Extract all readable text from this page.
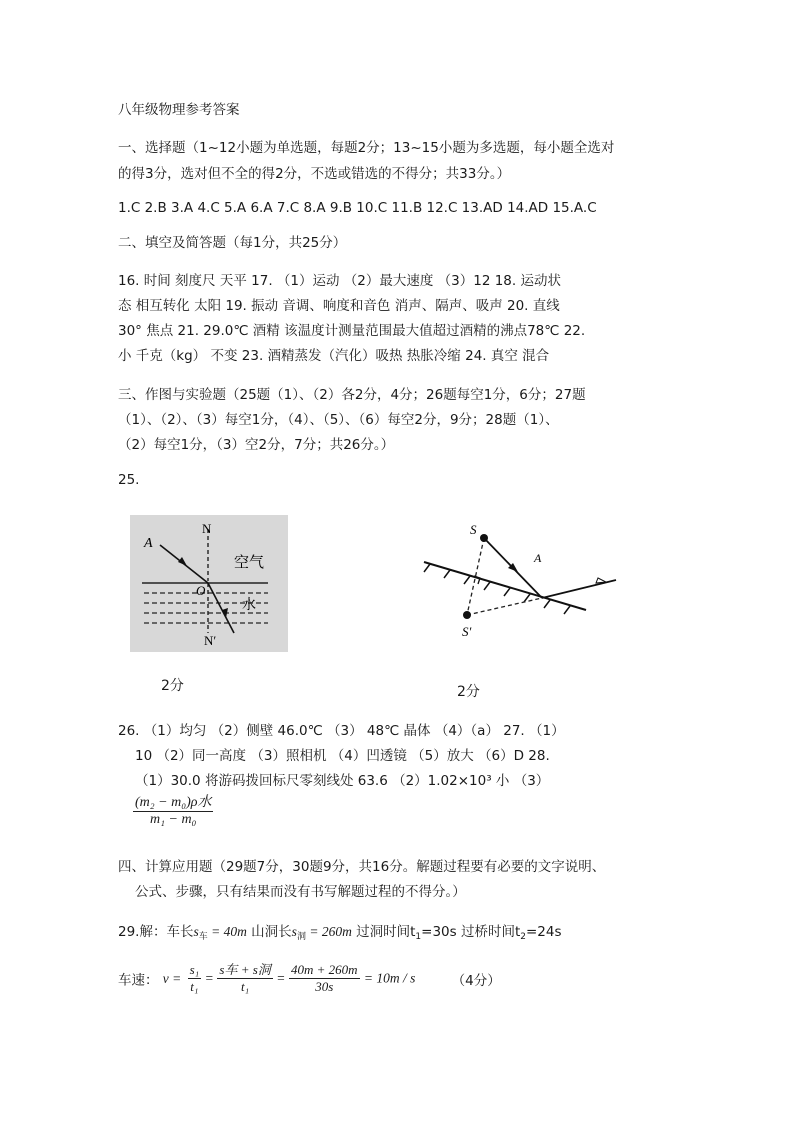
八年级物理参考答案
一、选择题（1~12小题为单选题，每题2分；13~15小题为多选题，每小题全选对
的得3分，选对但不全的得2分，不选或错选的不得分；共33分。）
1.C 2.B 3.A 4.C 5.A 6.A 7.C 8.A 9.B 10.C 11.B 12.C 13.AD 14.AD 15.A.C
二、填空及简答题（每1分，共25分）
16. 时间 刻度尺 天平 17. （1）运动 （2）最大速度 （3）12 18. 运动状
态 相互转化 太阳 19. 振动 音调、响度和音色 消声、隔声、吸声 20. 直线
30° 焦点 21. 29.0℃ 酒精 该温度计测量范围最大值超过酒精的沸点78℃ 22.
小 千克（kg） 不变 23. 酒精蒸发（汽化）吸热 热胀冷缩 24. 真空 混合
三、作图与实验题（25题（1）、（2）各2分，4分；26题每空1分，6分；27题
（1）、（2）、（3）每空1分，（4）、（5）、（6）每空2分，9分；28题（1）、
（2）每空1分，（3）空2分，7分；共26分。）
25.
A
N
O
N′
空气
水
2分
S
A
S′
2分
26. （1）均匀 （2）侧壁 46.0℃ （3） 48℃ 晶体 （4）（a） 27. （1）
10 （2）同一高度 （3）照相机 （4）凹透镜 （5）放大 （6）D 28.
（1）30.0 将游码拨回标尺零刻线处 63.6 （2）1.02×10³ 小 （3）
$\frac{\text{(m₂ − m₀)ρ水}}{\text{m₁ − m₀}}$
四、计算应用题（29题7分，30题9分，共16分。解题过程要有必要的文字说明、
公式、步骤，只有结果而没有书写解题过程的不得分。）
29.解：车长$s_车 = 40m$ 山洞长$s_洞 = 260m$ 过洞时间$t_1=30s$ 过桥时间$t_2=24s$
车速： $v = \frac{\text{s₁}}{\text{t₁}} = \frac{\text{s车 + s洞}}{\text{t₁}} = \frac{40m + 260m}{30s} = 10m / s$	（4分）
